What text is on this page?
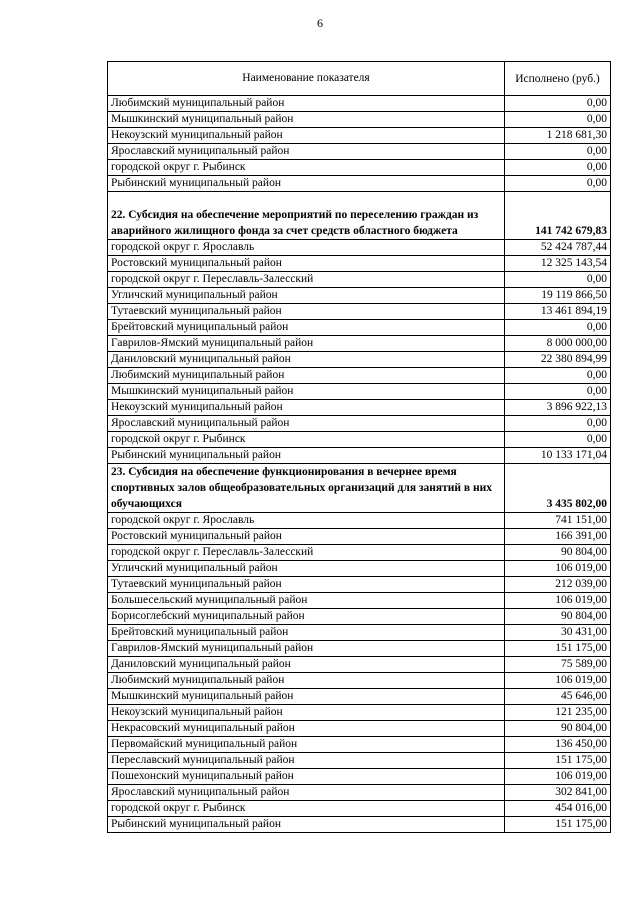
6
Наименование показателя	Исполнено (руб.)
Любимский муниципальный район	0,00
Мышкинский муниципальный район	0,00
Некоузский муниципальный район	1 218 681,30
Ярославский муниципальный район	0,00
городской округ г. Рыбинск	0,00
Рыбинский муниципальный район	0,00
22. Субсидия на обеспечение мероприятий по переселению граждан из аварийного жилищного фонда за счет средств областного бюджета	141 742 679,83
городской округ г. Ярославль	52 424 787,44
Ростовский муниципальный район	12 325 143,54
городской округ г. Переславль-Залесский	0,00
Угличский муниципальный район	19 119 866,50
Тутаевский муниципальный район	13 461 894,19
Брейтовский муниципальный район	0,00
Гаврилов-Ямский муниципальный район	8 000 000,00
Даниловский муниципальный район	22 380 894,99
Любимский муниципальный район	0,00
Мышкинский муниципальный район	0,00
Некоузский муниципальный район	3 896 922,13
Ярославский муниципальный район	0,00
городской округ г. Рыбинск	0,00
Рыбинский муниципальный район	10 133 171,04
23. Субсидия на обеспечение функционирования в вечернее время спортивных залов общеобразовательных организаций для занятий в них обучающихся	3 435 802,00
городской округ г. Ярославль	741 151,00
Ростовский муниципальный район	166 391,00
городской округ г. Переславль-Залесский	90 804,00
Угличский муниципальный район	106 019,00
Тутаевский муниципальный район	212 039,00
Большесельский муниципальный район	106 019,00
Борисоглебский муниципальный район	90 804,00
Брейтовский муниципальный район	30 431,00
Гаврилов-Ямский муниципальный район	151 175,00
Даниловский муниципальный район	75 589,00
Любимский муниципальный район	106 019,00
Мышкинский муниципальный район	45 646,00
Некоузский муниципальный район	121 235,00
Некрасовский муниципальный район	90 804,00
Первомайский муниципальный район	136 450,00
Переславский муниципальный район	151 175,00
Пошехонский муниципальный район	106 019,00
Ярославский муниципальный район	302 841,00
городской округ г. Рыбинск	454 016,00
Рыбинский муниципальный район	151 175,00
